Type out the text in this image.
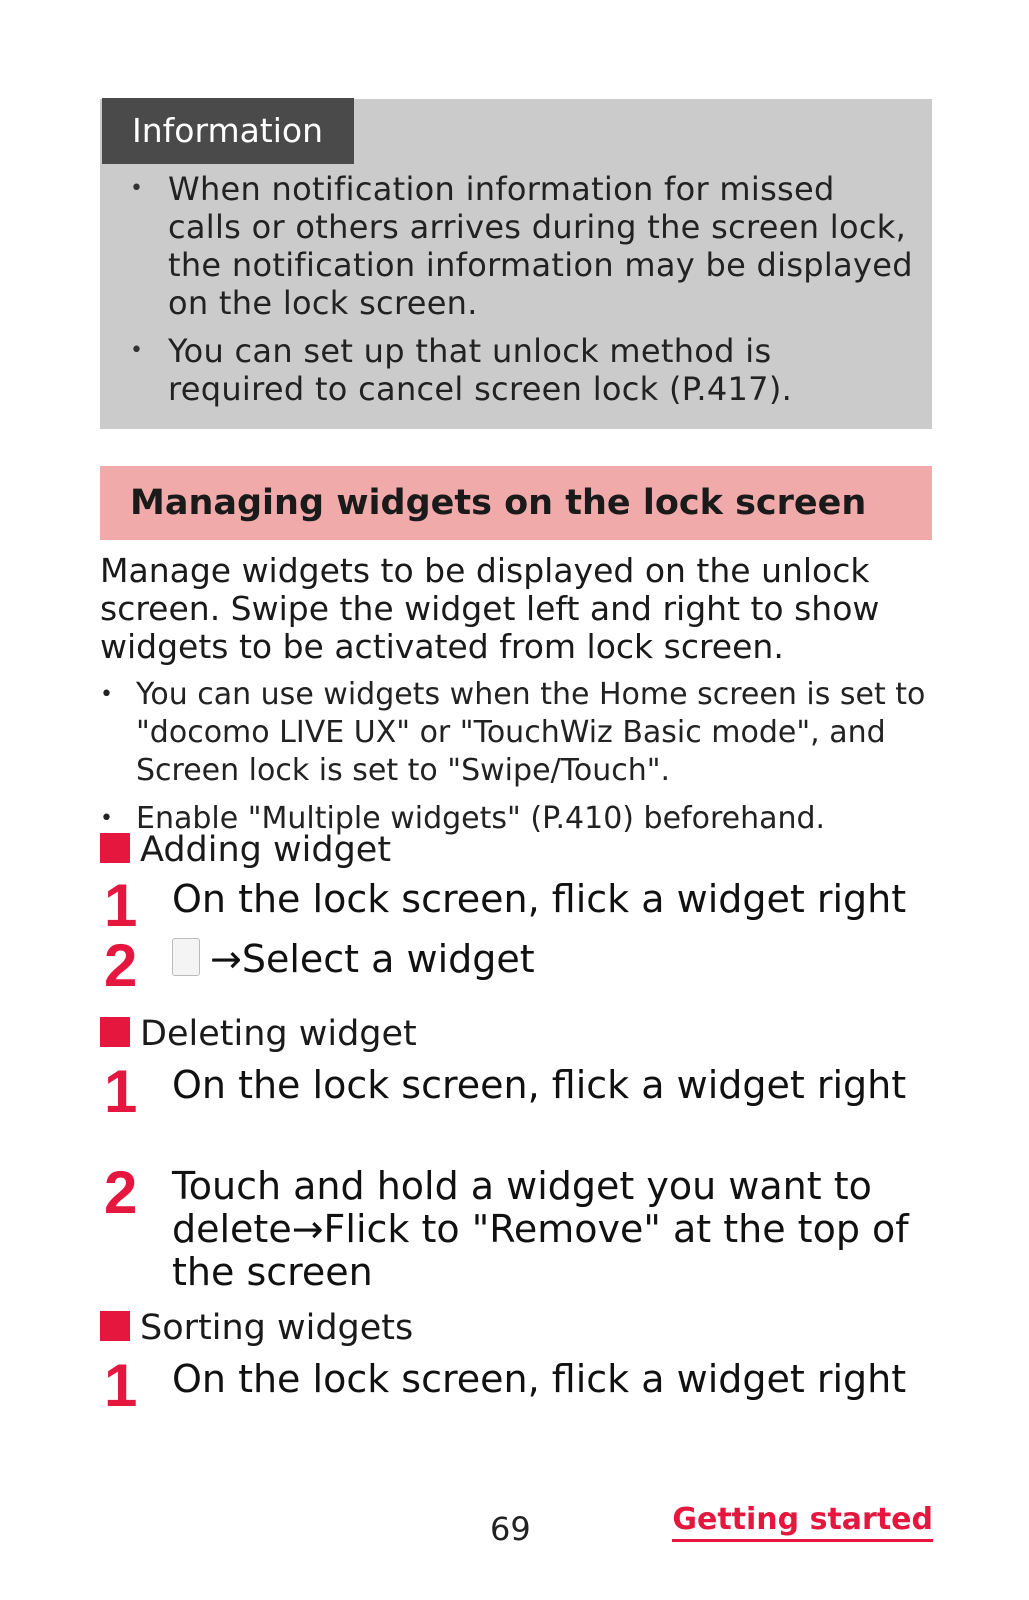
Information
• When notification information for missed calls or others arrives during the screen lock, the notification information may be displayed on the lock screen.
• You can set up that unlock method is required to cancel screen lock (P.417).
Managing widgets on the lock screen

Manage widgets to be displayed on the unlock screen. Swipe the widget left and right to show widgets to be activated from lock screen.

• You can use widgets when the Home screen is set to "docomo LIVE UX" or "TouchWiz Basic mode", and Screen lock is set to "Swipe/Touch".
• Enable "Multiple widgets" (P.410) beforehand.
Adding widget
1 On the lock screen, flick a widget right
2	→Select a widget
Deleting widget
1 On the lock screen, flick a widget right
2 Touch and hold a widget you want to delete→Flick to "Remove" at the top of the screen
Sorting widgets
1 On the lock screen, flick a widget right
69	Getting started
